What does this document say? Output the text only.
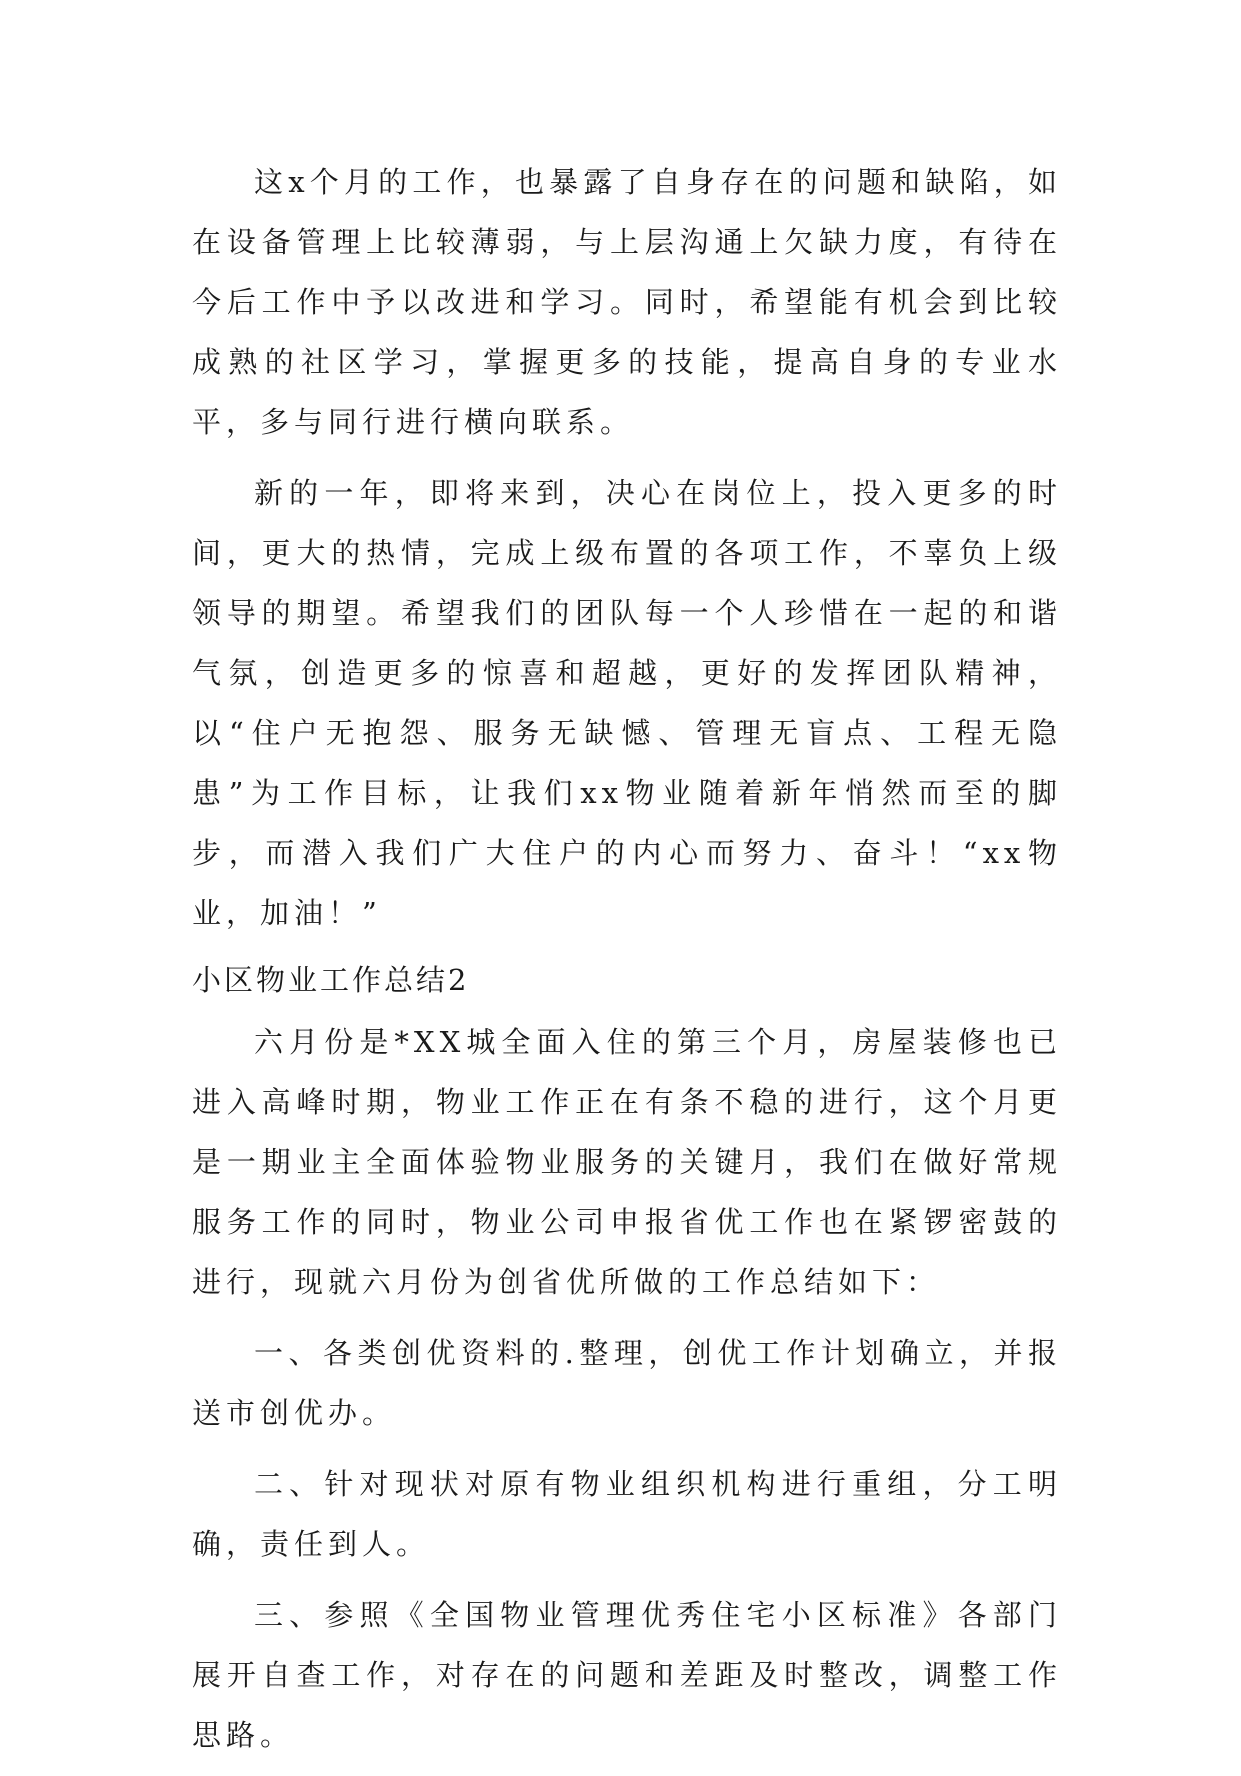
这x个月的工作，也暴露了自身存在的问题和缺陷，如在设备管理上比较薄弱，与上层沟通上欠缺力度，有待在今后工作中予以改进和学习。同时，希望能有机会到比较成熟的社区学习，掌握更多的技能，提高自身的专业水平，多与同行进行横向联系。

新的一年，即将来到，决心在岗位上，投入更多的时间，更大的热情，完成上级布置的各项工作，不辜负上级领导的期望。希望我们的团队每一个人珍惜在一起的和谐气氛，创造更多的惊喜和超越，更好的发挥团队精神，以“住户无抱怨、服务无缺憾、管理无盲点、工程无隐患”为工作目标，让我们xx物业随着新年悄然而至的脚步，而潜入我们广大住户的内心而努力、奋斗！“xx物业，加油！”

小区物业工作总结2

六月份是*XX城全面入住的第三个月，房屋装修也已进入高峰时期，物业工作正在有条不稳的进行，这个月更是一期业主全面体验物业服务的关键月，我们在做好常规服务工作的同时，物业公司申报省优工作也在紧锣密鼓的进行，现就六月份为创省优所做的工作总结如下：

一、各类创优资料的.整理，创优工作计划确立，并报送市创优办。

二、针对现状对原有物业组织机构进行重组，分工明确，责任到人。

三、参照《全国物业管理优秀住宅小区标准》各部门展开自查工作，对存在的问题和差距及时整改，调整工作思路。
